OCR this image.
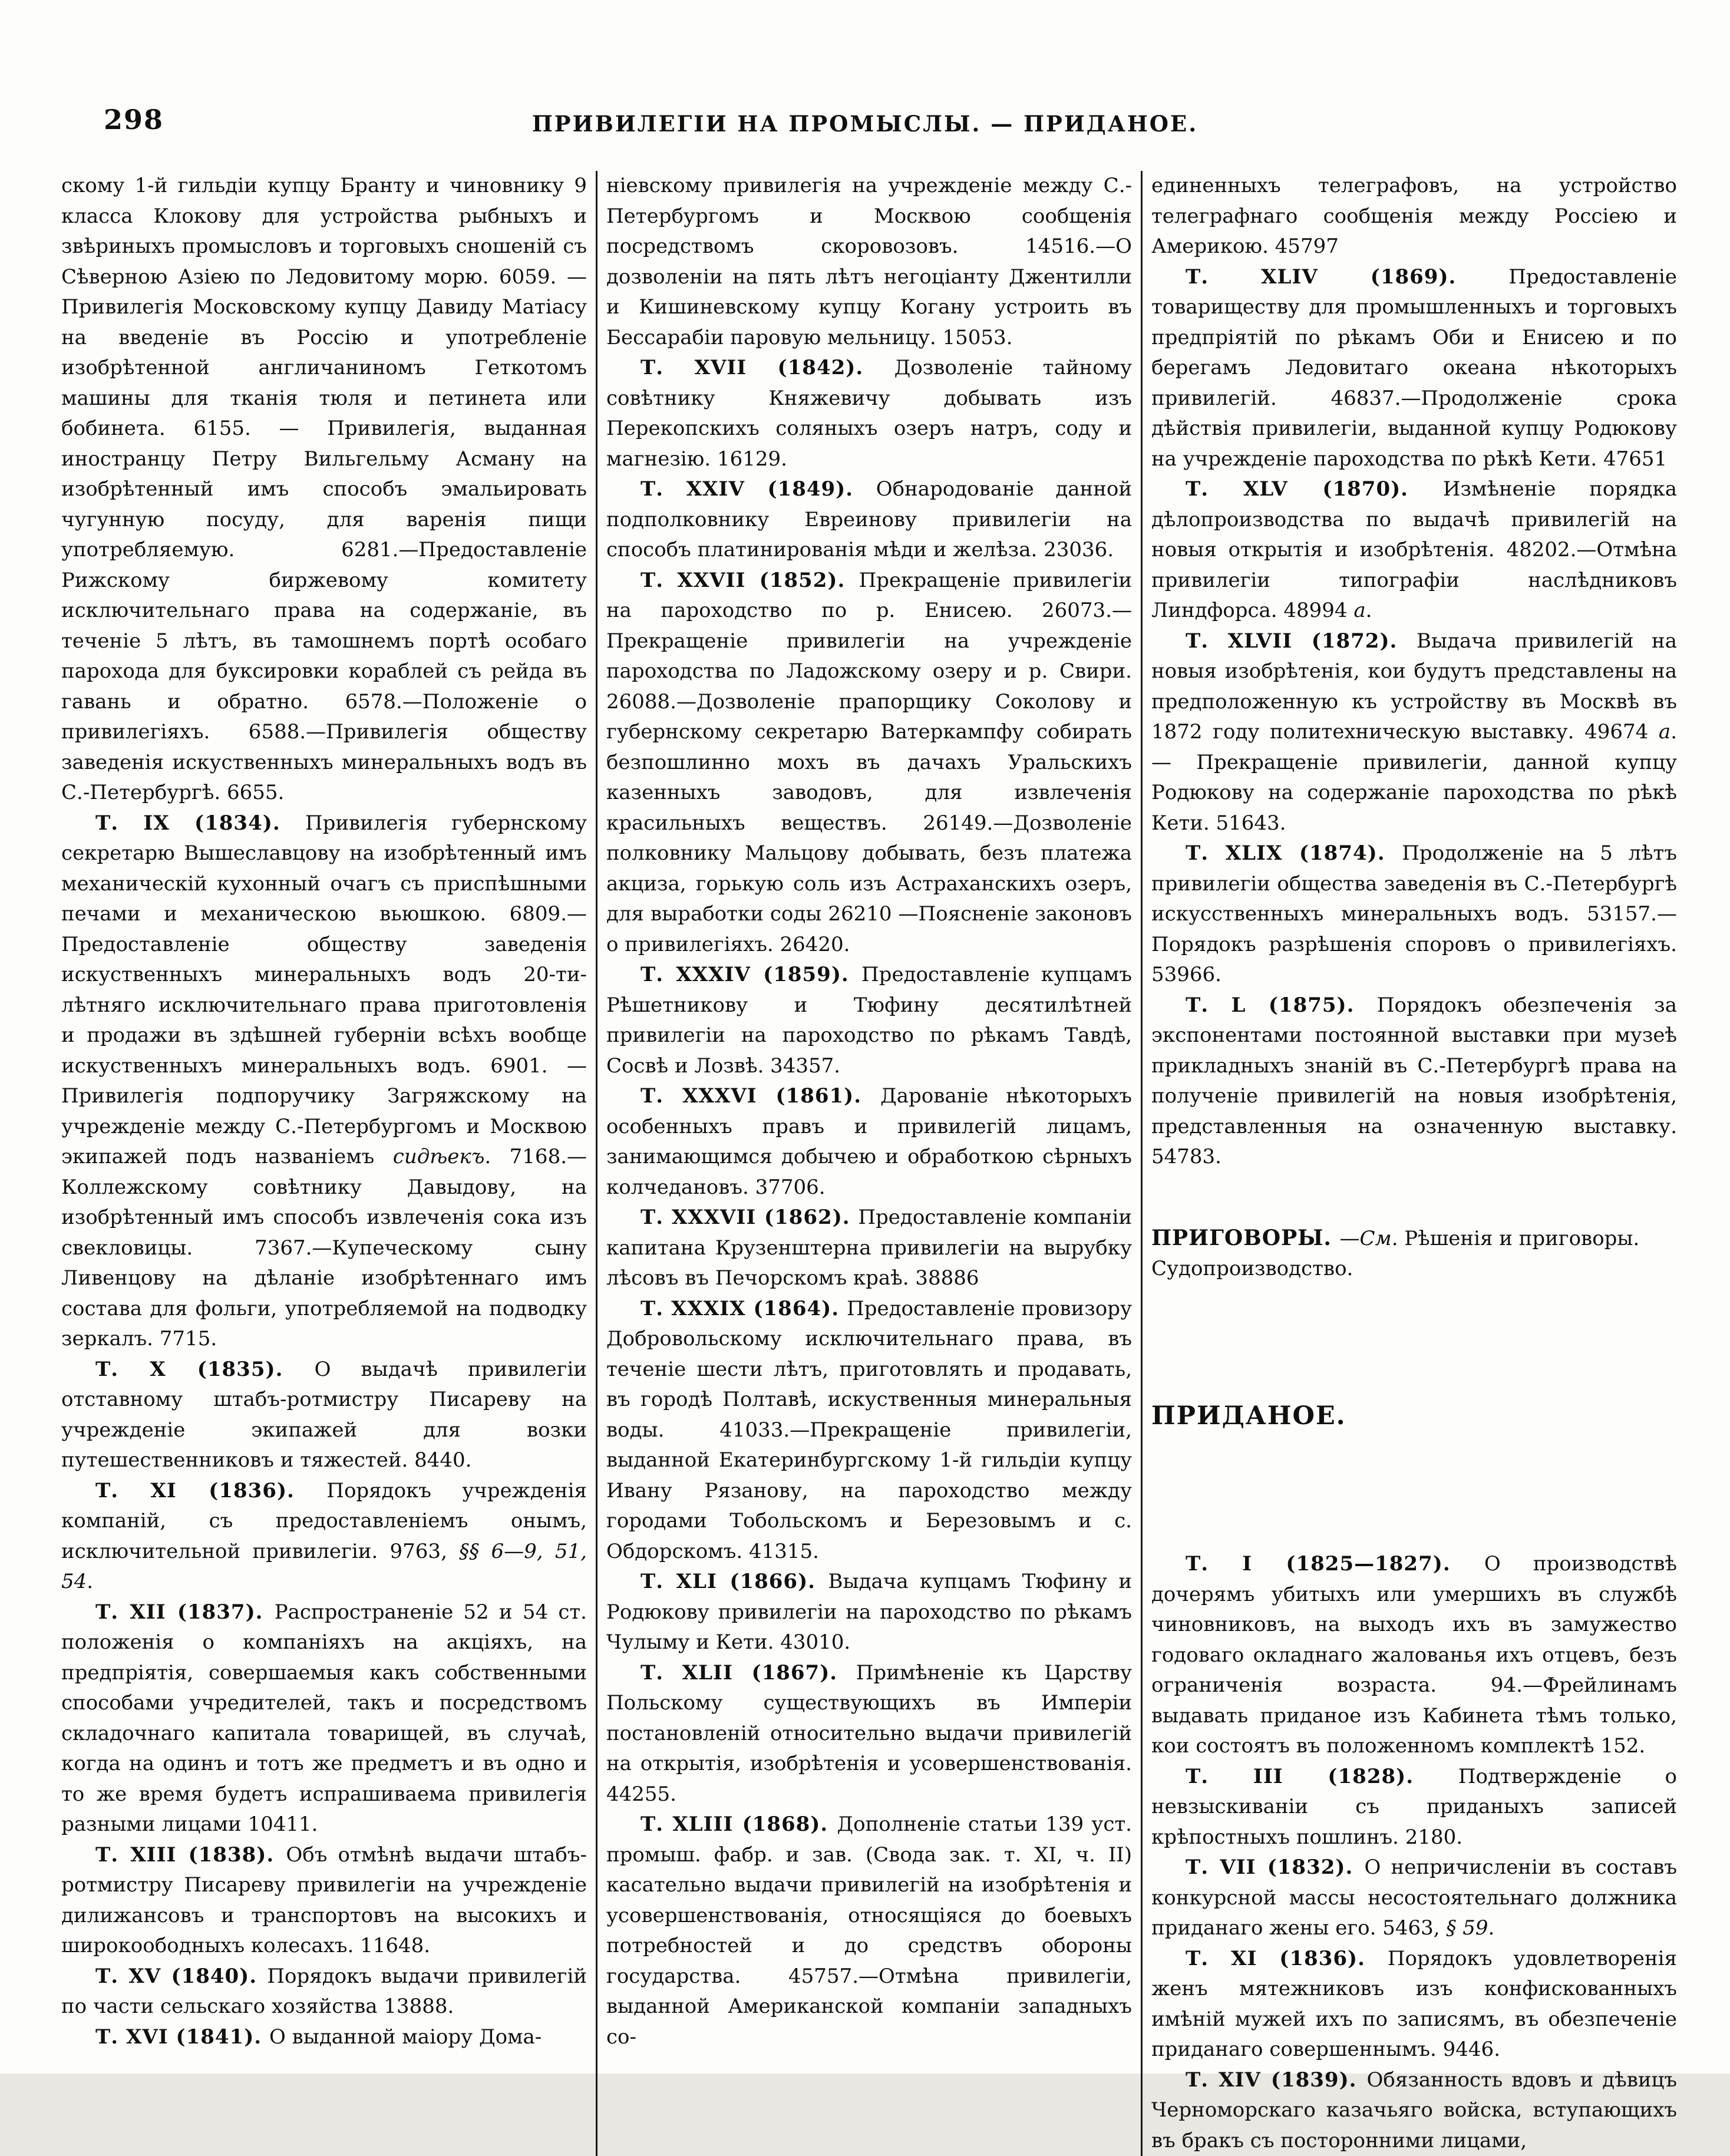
298	ПРИВИЛЕГІИ НА ПРОМЫСЛЫ. — ПРИДАНОЕ.

скому 1-й гильдіи купцу Бранту и чиновнику 9 класса Клокову для устройства рыбныхъ и звѣриныхъ промысловъ и торговыхъ сношеній съ Сѣверною Азіею по Ледовитому морю. 6059. — Привилегія Московскому купцу Давиду Матіасу на введеніе въ Россію и употребленіе изобрѣтенной англичаниномъ Геткотомъ машины для тканія тюля и петинета или бобинета. 6155. — Привилегія, выданная иностранцу Петру Вильгельму Асману на изобрѣтенный имъ способъ эмальировать чугунную посуду, для варенія пищи употребляемую. 6281.—Предоставленіе Рижскому биржевому комитету исключительнаго права на содержаніе, въ теченіе 5 лѣтъ, въ тамошнемъ портѣ особаго парохода для буксировки кораблей съ рейда въ гавань и обратно. 6578.—Положеніе о привилегіяхъ. 6588.—Привилегія обществу заведенія искуственныхъ минеральныхъ водъ въ С.-Петербургѣ. 6655.

Т. IX (1834). Привилегія губернскому секретарю Вышеславцову на изобрѣтенный имъ механическій кухонный очагъ съ приспѣшными печами и механическою вьюшкою. 6809.—Предоставленіе обществу заведенія искуственныхъ минеральныхъ водъ 20-ти-лѣтняго исключительнаго права приготовленія и продажи въ здѣшней губерніи всѣхъ вообще искуственныхъ минеральныхъ водъ. 6901. — Привилегія подпоручику Загряжскому на учрежденіе между С.-Петербургомъ и Москвою экипажей подъ названіемъ сидѣекъ. 7168.— Коллежскому совѣтнику Давыдову, на изобрѣтенный имъ способъ извлеченія сока изъ свекловицы. 7367.—Купеческому сыну Ливенцову на дѣланіе изобрѣтеннаго имъ состава для фольги, употребляемой на подводку зеркалъ. 7715.

Т. X (1835). О выдачѣ привилегіи отставному штабъ-ротмистру Писареву на учрежденіе экипажей для возки путешественниковъ и тяжестей. 8440.

Т. XI (1836). Порядокъ учрежденія компаній, съ предоставленіемъ онымъ, исключительной привилегіи. 9763, §§ 6—9, 51, 54.

Т. XII (1837). Распространеніе 52 и 54 ст. положенія о компаніяхъ на акціяхъ, на предпріятія, совершаемыя какъ собственными способами учредителей, такъ и посредствомъ складочнаго капитала товарищей, въ случаѣ, когда на одинъ и тотъ же предметъ и въ одно и то же время будетъ испрашиваема привилегія разными лицами 10411.

Т. XIII (1838). Объ отмѣнѣ выдачи штабъ-ротмистру Писареву привилегіи на учрежденіе дилижансовъ и транспортовъ на высокихъ и широкоободныхъ колесахъ. 11648.

Т. XV (1840). Порядокъ выдачи привилегій по части сельскаго хозяйства 13888.

Т. XVI (1841). О выданной маіору Дома-

ніевскому привилегія на учрежденіе между С.-Петербургомъ и Москвою сообщенія посредствомъ скоровозовъ. 14516.—О дозволеніи на пять лѣтъ негоціанту Джентилли и Кишиневскому купцу Когану устроить въ Бессарабіи паровую мельницу. 15053.

Т. XVII (1842). Дозволеніе тайному совѣтнику Княжевичу добывать изъ Перекопскихъ соляныхъ озеръ натръ, соду и магнезію. 16129.

Т. XXIV (1849). Обнародованіе данной подполковнику Евреинову привилегіи на способъ платинированія мѣди и желѣза. 23036.

Т. XXVII (1852). Прекращеніе привилегіи на пароходство по р. Енисею. 26073.—Прекращеніе привилегіи на учрежденіе пароходства по Ладожскому озеру и р. Свири. 26088.—Дозволеніе прапорщику Соколову и губернскому секретарю Ватеркампфу собирать безпошлинно мохъ въ дачахъ Уральскихъ казенныхъ заводовъ, для извлеченія красильныхъ веществъ. 26149.—Дозволеніе полковнику Мальцову добывать, безъ платежа акциза, горькую соль изъ Астраханскихъ озеръ, для выработки соды 26210 —Поясненіе законовъ о привилегіяхъ. 26420.

Т. XXXIV (1859). Предоставленіе купцамъ Рѣшетникову и Тюфину десятилѣтней привилегіи на пароходство по рѣкамъ Тавдѣ, Сосвѣ и Лозвѣ. 34357.

Т. XXXVI (1861). Дарованіе нѣкоторыхъ особенныхъ правъ и привилегій лицамъ, занимающимся добычею и обработкою сѣрныхъ колчедановъ. 37706.

Т. XXXVII (1862). Предоставленіе компаніи капитана Крузенштерна привилегіи на вырубку лѣсовъ въ Печорскомъ краѣ. 38886

Т. XXXIX (1864). Предоставленіе провизору Добровольскому исключительнаго права, въ теченіе шести лѣтъ, приготовлять и продавать, въ городѣ Полтавѣ, искуственныя минеральныя воды. 41033.—Прекращеніе привилегіи, выданной Екатеринбургскому 1-й гильдіи купцу Ивану Рязанову, на пароходство между городами Тобольскомъ и Березовымъ и с. Обдорскомъ. 41315.

Т. XLI (1866). Выдача купцамъ Тюфину и Родюкову привилегіи на пароходство по рѣкамъ Чулыму и Кети. 43010.

Т. XLII (1867). Примѣненіе къ Царству Польскому существующихъ въ Имперіи постановленій относительно выдачи привилегій на открытія, изобрѣтенія и усовершенствованія. 44255.

Т. XLIII (1868). Дополненіе статьи 139 уст. промыш. фабр. и зав. (Свода зак. т. XI, ч. II) касательно выдачи привилегій на изобрѣтенія и усовершенствованія, относящіяся до боевыхъ потребностей и до средствъ обороны государства. 45757.—Отмѣна привилегіи, выданной Американской компаніи западныхъ со-

единенныхъ телеграфовъ, на устройство телеграфнаго сообщенія между Россіею и Америкою. 45797

Т. XLIV (1869). Предоставленіе товариществу для промышленныхъ и торговыхъ предпріятій по рѣкамъ Оби и Енисею и по берегамъ Ледовитаго океана нѣкоторыхъ привилегій. 46837.—Продолженіе срока дѣйствія привилегіи, выданной купцу Родюкову на учрежденіе пароходства по рѣкѣ Кети. 47651

Т. XLV (1870). Измѣненіе порядка дѣлопроизводства по выдачѣ привилегій на новыя открытія и изобрѣтенія. 48202.—Отмѣна привилегіи типографіи наслѣдниковъ Линдфорса. 48994 a.

Т. XLVII (1872). Выдача привилегій на новыя изобрѣтенія, кои будутъ представлены на предположенную къ устройству въ Москвѣ въ 1872 году политехническую выставку. 49674 a. — Прекращеніе привилегіи, данной купцу Родюкову на содержаніе пароходства по рѣкѣ Кети. 51643.

Т. XLIX (1874). Продолженіе на 5 лѣтъ привилегіи общества заведенія въ С.-Петербургѣ искусственныхъ минеральныхъ водъ. 53157.—Порядокъ разрѣшенія споровъ о привилегіяхъ. 53966.

Т. L (1875). Порядокъ обезпеченія за экспонентами постоянной выставки при музеѣ прикладныхъ знаній въ С.-Петербургѣ права на полученіе привилегій на новыя изобрѣтенія, представленныя на означенную выставку. 54783.

ПРИГОВОРЫ. —См. Рѣшенія и приговоры. Судопроизводство.

ПРИДАНОЕ.

Т. I (1825—1827). О производствѣ дочерямъ убитыхъ или умершихъ въ службѣ чиновниковъ, на выходъ ихъ въ замужество годоваго окладнаго жалованья ихъ отцевъ, безъ ограниченія возраста. 94.—Фрейлинамъ выдавать приданое изъ Кабинета тѣмъ только, кои состоятъ въ положенномъ комплектѣ 152.

Т. III (1828). Подтвержденіе о невзыскиваніи съ приданыхъ записей крѣпостныхъ пошлинъ. 2180.

Т. VII (1832). О непричисленіи въ составъ конкурсной массы несостоятельнаго должника приданаго жены его. 5463, § 59.

Т. XI (1836). Порядокъ удовлетворенія женъ мятежниковъ изъ конфискованныхъ имѣній мужей ихъ по записямъ, въ обезпеченіе приданаго совершеннымъ. 9446.

Т. XIV (1839). Обязанность вдовъ и дѣвицъ Черноморскаго казачьяго войска, вступающихъ въ бракъ съ посторонними лицами,
